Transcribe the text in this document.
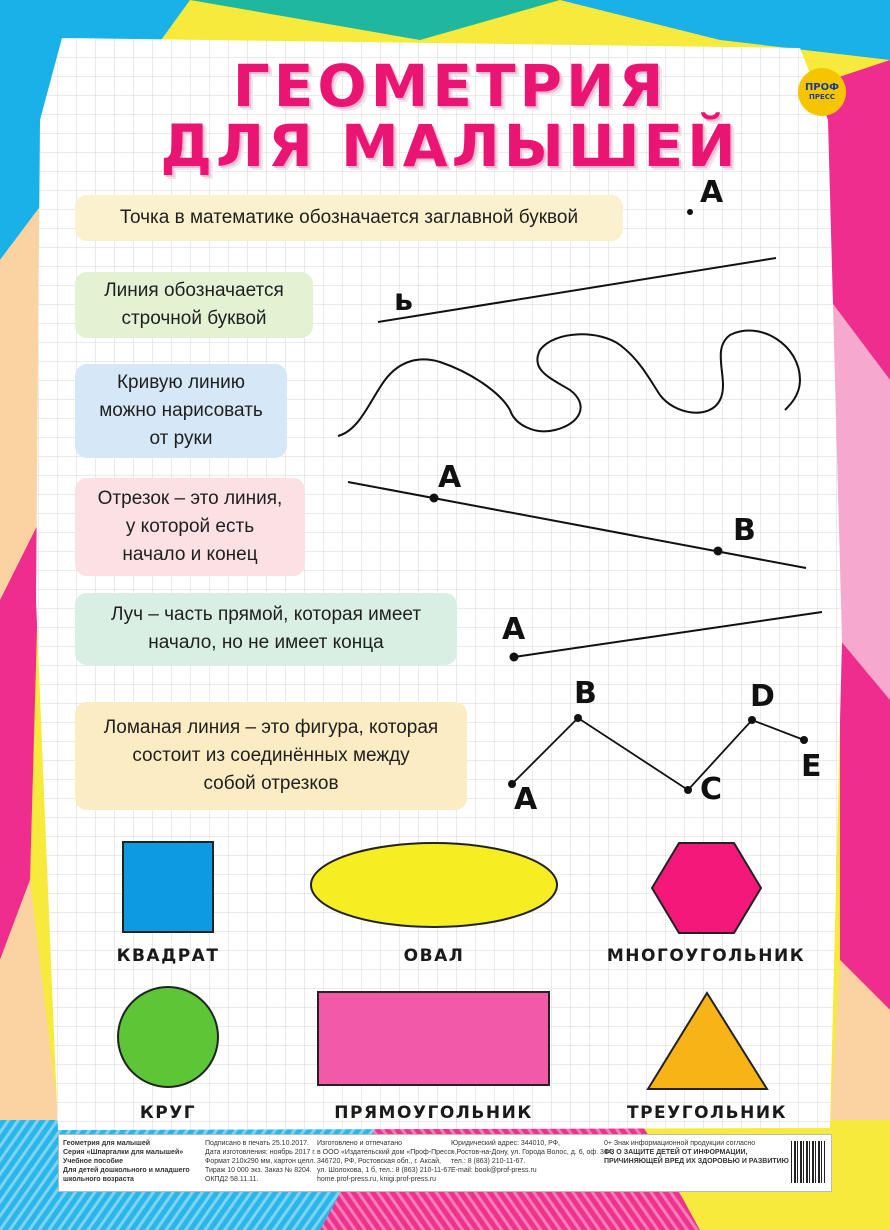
ГЕОМЕТРИЯ
ДЛЯ МАЛЫШЕЙ
ПРОФ
ПРЕСС
Точка в математике обозначается заглавной буквой
Линия обозначается
строчной буквой
Кривую линию
можно нарисовать
от руки
Отрезок – это линия,
у которой есть
начало и конец
Луч – часть прямой, которая имеет
начало, но не имеет конца
Ломаная линия – это фигура, которая
состоит из соединённых между
собой отрезков
A
ь
A
B
A
A
B
C
D
E
КВАДРАТ	ОВАЛ	МНОГОУГОЛЬНИК
КРУГ	ПРЯМОУГОЛЬНИК	ТРЕУГОЛЬНИК
Геометрия для малышей
Серия «Шпаргалки для малышей»
Учебное пособие
Для детей дошкольного и младшего
школьного возраста
Подписано в печать 25.10.2017.
Дата изготовления: ноябрь 2017 г.
Формат 210х290 мм, картон целл.
Тираж 10 000 экз. Заказ № 8204.
ОКПД2 58.11.11.
Изготовлено и отпечатано
в ООО «Издательский дом «Проф-Пресс»,
346720, РФ, Ростовская обл., г. Аксай,
ул. Шолохова, 1 б, тел.: 8 (863) 210-11-67.
home.prof-press.ru, knigi.prof-press.ru
Юридический адрес: 344010, РФ,
г. Ростов-на-Дону, ул. Города Волос, д. 6, оф. 314,
тел.: 8 (863) 210-11-67.
E-mail: book@prof-press.ru
0+ Знак информационной продукции согласно
ФЗ О ЗАЩИТЕ ДЕТЕЙ ОТ ИНФОРМАЦИИ,
ПРИЧИНЯЮЩЕЙ ВРЕД ИХ ЗДОРОВЬЮ И РАЗВИТИЮ
